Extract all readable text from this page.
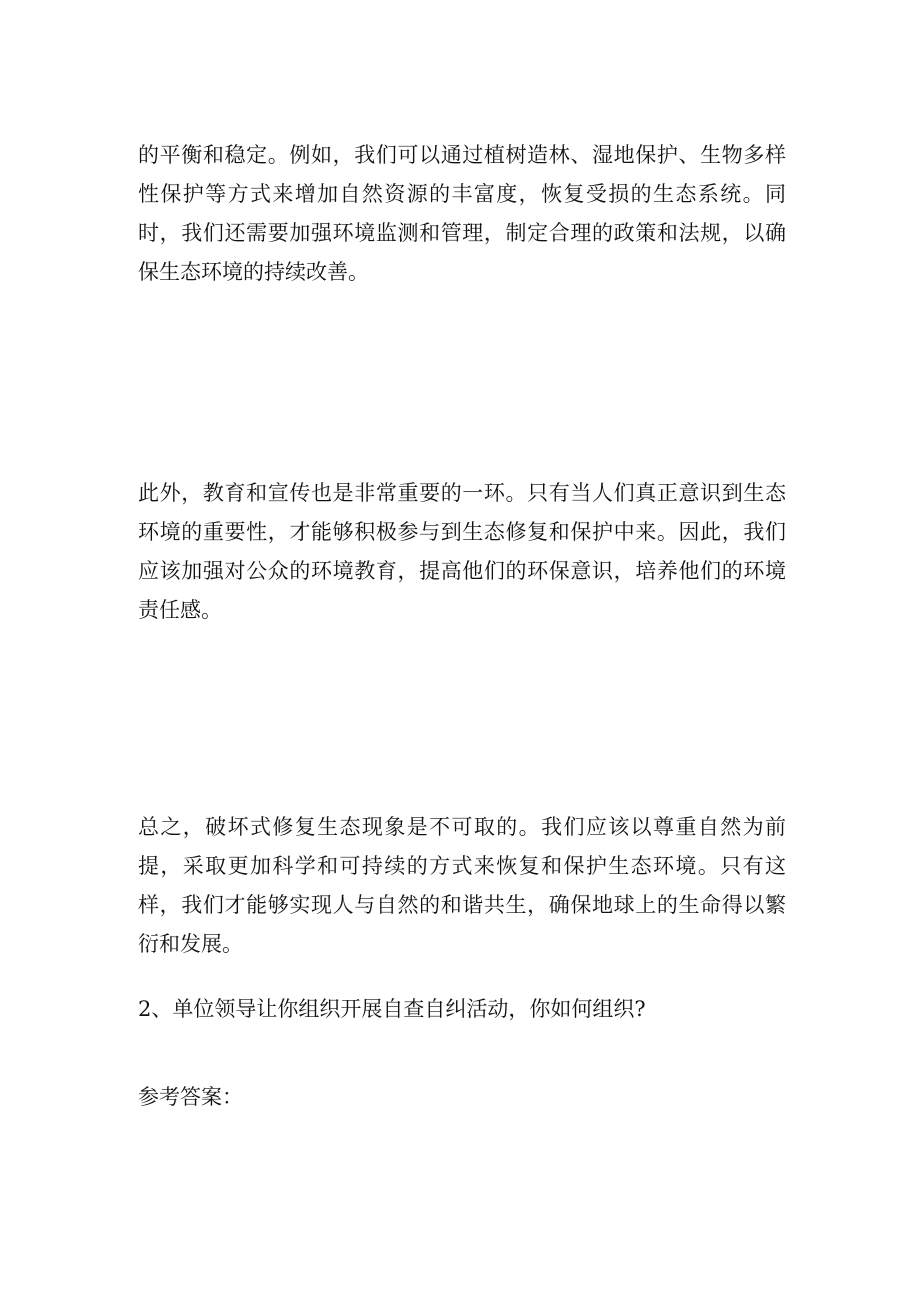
的平衡和稳定。例如，我们可以通过植树造林、湿地保护、生物多样性保护等方式来增加自然资源的丰富度，恢复受损的生态系统。同时，我们还需要加强环境监测和管理，制定合理的政策和法规，以确保生态环境的持续改善。

此外，教育和宣传也是非常重要的一环。只有当人们真正意识到生态环境的重要性，才能够积极参与到生态修复和保护中来。因此，我们应该加强对公众的环境教育，提高他们的环保意识，培养他们的环境责任感。

总之，破坏式修复生态现象是不可取的。我们应该以尊重自然为前提，采取更加科学和可持续的方式来恢复和保护生态环境。只有这样，我们才能够实现人与自然的和谐共生，确保地球上的生命得以繁衍和发展。

2、单位领导让你组织开展自查自纠活动，你如何组织?

参考答案：
